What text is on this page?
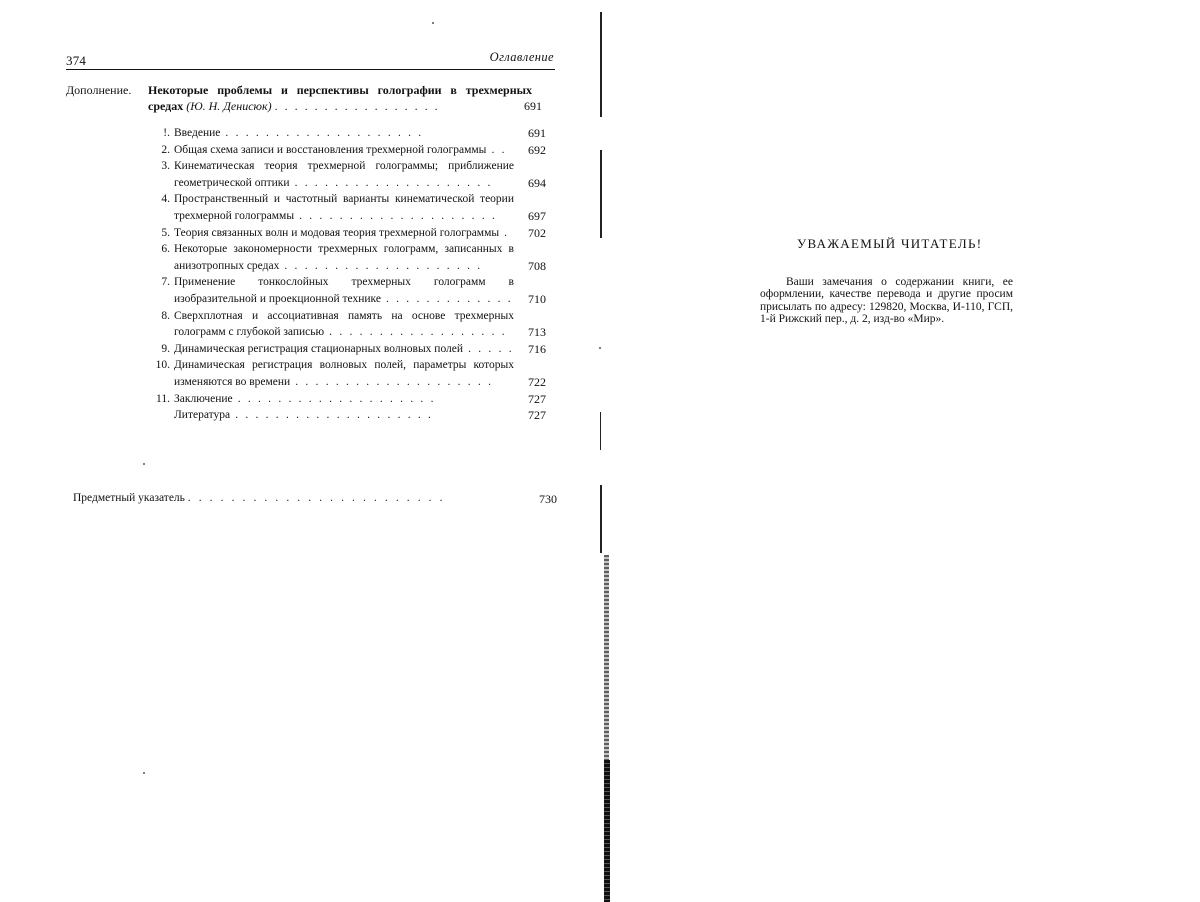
374	Оглавление
Дополнение. Некоторые проблемы и перспективы голографии в трехмерных средах (Ю. Н. Денисюк) . . . . . . . . . . . . . . . . .	691
!. Введение . . . . . . . . . . . . . . . . . . . .	691
2. Общая схема записи и восстановления трехмерной голограммы . . 692
3. Кинематическая теория трехмерной голограммы; приближение геометрической оптики . . . . . . . . . . . . . . . . . . . .	694
4. Пространственный и частотный варианты кинематической теории трехмерной голограммы . . . . . . . . . . . . . . . . . . . .	697
5. Теория связанных волн и модовая теория трехмерной голограммы . 702
6. Некоторые закономерности трехмерных голограмм, записанных в анизотропных средах . . . . . . . . . . . . . . . . . . . .	708
7. Применение тонкослойных трехмерных голограмм в изобразительной и проекционной технике . . . . . . . . . . . . . 710
8. Сверхплотная и ассоциативная память на основе трехмерных голограмм с глубокой записью . . . . . . . . . . . . . . . . . . 713
9. Динамическая регистрация стационарных волновых полей . . . . . 716
10. Динамическая регистрация волновых полей, параметры которых изменяются во времени . . . . . . . . . . . . . . . . . . . .	722
11. Заключение . . . . . . . . . . . . . . . . . . . .	727
Литература . . . . . . . . . . . . . . . . . . . .	727
Предметный указатель . . . . . . . . . . . . . . . . . . . . . . . .	730
УВАЖАЕМЫЙ ЧИТАТЕЛЬ!
Ваши замечания о содержании книги, ее оформлении, качестве перевода и другие просим присылать по адресу: 129820, Москва, И-110, ГСП, 1-й Рижский пер., д. 2, изд-во «Мир».
